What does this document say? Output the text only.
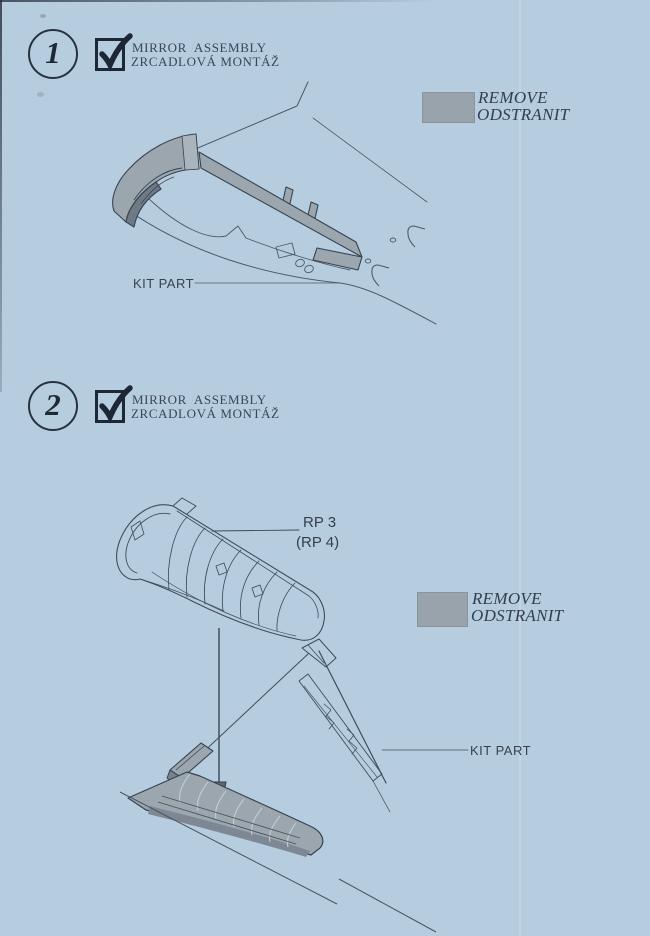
1	MIRROR  ASSEMBLY
ZRCADLOVÁ MONTÁŽ
REMOVE
ODSTRANIT
KIT PART
2	MIRROR  ASSEMBLY
ZRCADLOVÁ MONTÁŽ
RP 3
(RP 4)
REMOVE
ODSTRANIT
KIT PART
